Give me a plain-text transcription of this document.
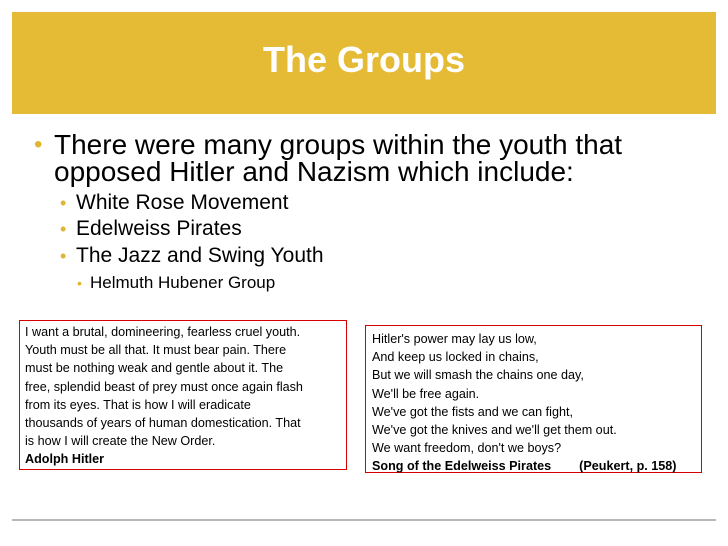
The Groups
• There were many groups within the youth that
opposed Hitler and Nazism which include:
• White Rose Movement
• Edelweiss Pirates
• The Jazz and Swing Youth
• Helmuth Hubener Group
I want a brutal, domineering, fearless cruel youth.
Youth must be all that. It must bear pain. There
must be nothing weak and gentle about it. The
free, splendid beast of prey must once again flash
from its eyes. That is how I will eradicate
thousands of years of human domestication. That
is how I will create the New Order.
Adolph Hitler
Hitler's power may lay us low,
And keep us locked in chains,
But we will smash the chains one day,
We'll be free again.
We've got the fists and we can fight,
We've got the knives and we'll get them out.
We want freedom, don't we boys?
Song of the Edelweiss Pirates (Peukert, p. 158)
